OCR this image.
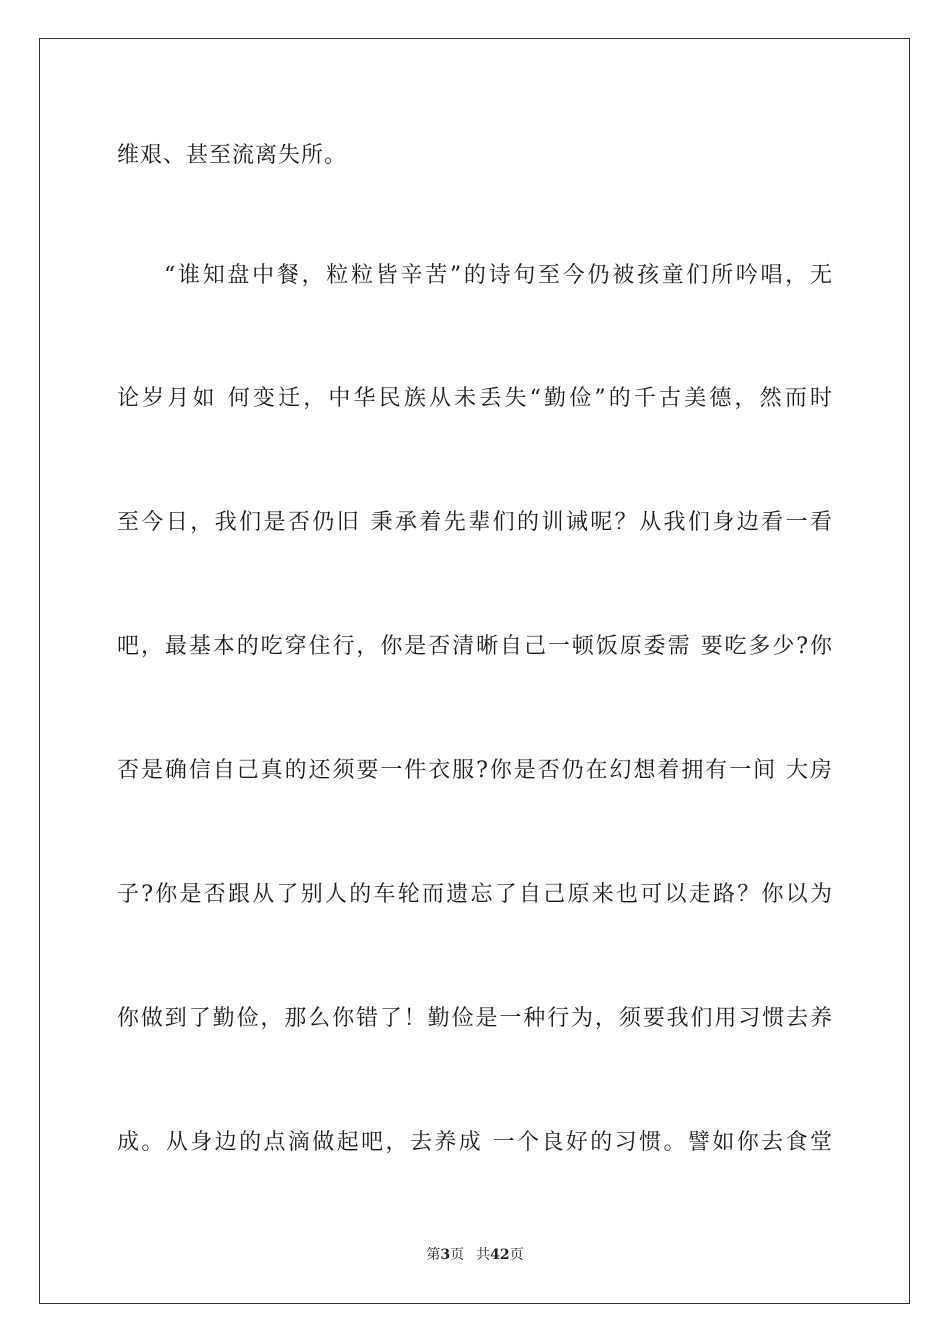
维艰、甚至流离失所。
“谁知盘中餐，粒粒皆辛苦”的诗句至今仍被孩童们所吟唱，无
论岁月如 何变迁，中华民族从未丢失“勤俭”的千古美德，然而时
至今日，我们是否仍旧 秉承着先辈们的训诫呢？从我们身边看一看
吧，最基本的吃穿住行，你是否清晰自己一顿饭原委需 要吃多少?你
否是确信自己真的还须要一件衣服?你是否仍在幻想着拥有一间 大房
子?你是否跟从了别人的车轮而遗忘了自己原来也可以走路？你以为
你做到了勤俭，那么你错了！勤俭是一种行为，须要我们用习惯去养
成。从身边的点滴做起吧，去养成 一个良好的习惯。譬如你去食堂
第3页 共42页
